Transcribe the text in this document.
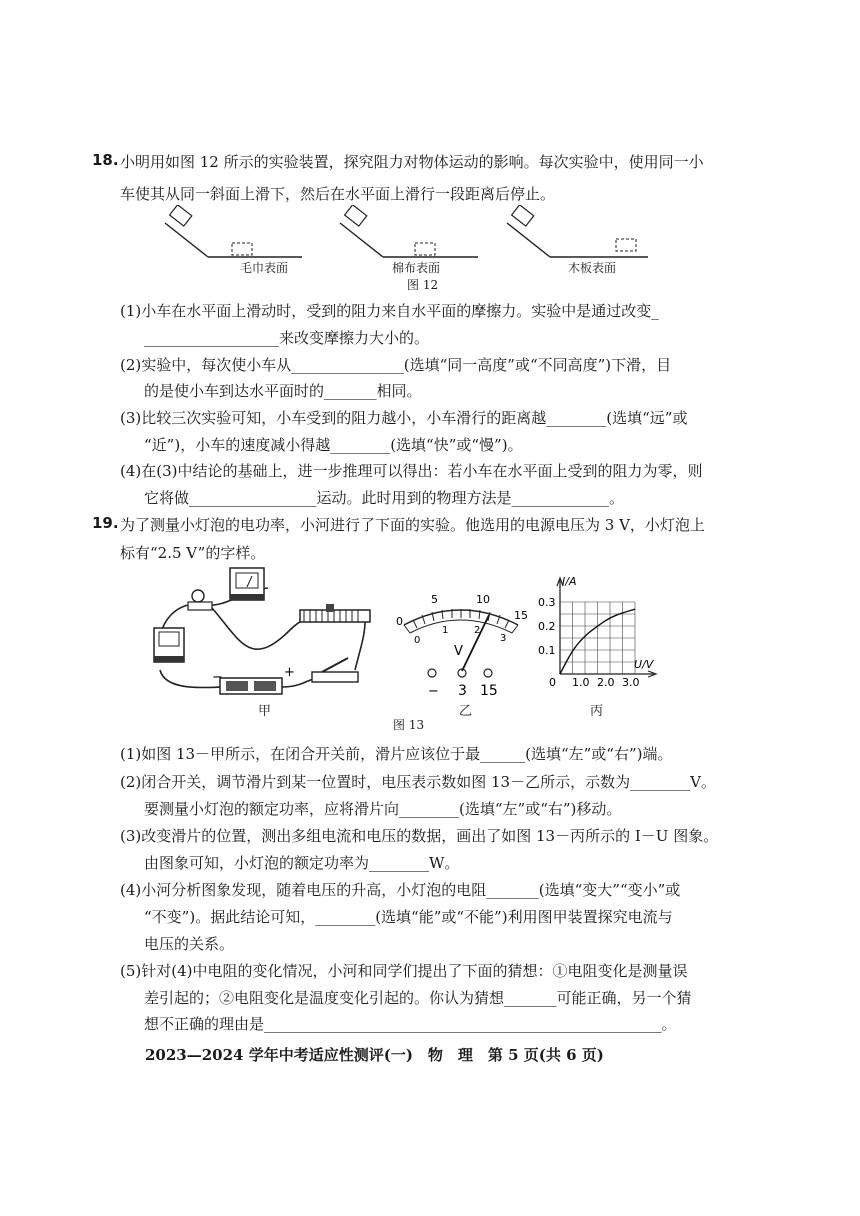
18. 小明用如图 12 所示的实验装置，探究阻力对物体运动的影响。每次实验中，使用同一小
车使其从同一斜面上滑下，然后在水平面上滑行一段距离后停止。
毛巾表面	棉布表面	木板表面
图 12
(1)小车在水平面上滑动时，受到的阻力来自水平面的摩擦力。实验中是通过改变_
__________________来改变摩擦力大小的。
(2)实验中，每次使小车从_______________(选填“同一高度”或“不同高度”)下滑，目
的是使小车到达水平面时的_______相同。
(3)比较三次实验可知，小车受到的阻力越小，小车滑行的距离越________(选填“远”或
“近”)，小车的速度减小得越________(选填“快”或“慢”)。
(4)在(3)中结论的基础上，进一步推理可以得出：若小车在水平面上受到的阻力为零，则
它将做_________________运动。此时用到的物理方法是_____________。
19. 为了测量小灯泡的电功率，小河进行了下面的实验。他选用的电源电压为 3 V，小灯泡上
标有“2.5 V”的字样。
−	+
0
5	10
15
0
1	2
3
V
− 3 15
I/A
U/V
0
0.1
0.2
0.3
1.0 2.0 3.0
甲	乙	丙
图 13
(1)如图 13－甲所示，在闭合开关前，滑片应该位于最______(选填“左”或“右”)端。
(2)闭合开关，调节滑片到某一位置时，电压表示数如图 13－乙所示，示数为________V。
要测量小灯泡的额定功率，应将滑片向________(选填“左”或“右”)移动。
(3)改变滑片的位置，测出多组电流和电压的数据，画出了如图 13－丙所示的 I－U 图象。
由图象可知，小灯泡的额定功率为________W。
(4)小河分析图象发现，随着电压的升高，小灯泡的电阻_______(选填“变大”“变小”或
“不变”)。据此结论可知，________(选填“能”或“不能”)利用图甲装置探究电流与
电压的关系。
(5)针对(4)中电阻的变化情况，小河和同学们提出了下面的猜想：①电阻变化是测量误
差引起的；②电阻变化是温度变化引起的。你认为猜想_______可能正确，另一个猜
想不正确的理由是_____________________________________________________。
2023—2024 学年中考适应性测评(一)　物　理　第 5 页(共 6 页)
